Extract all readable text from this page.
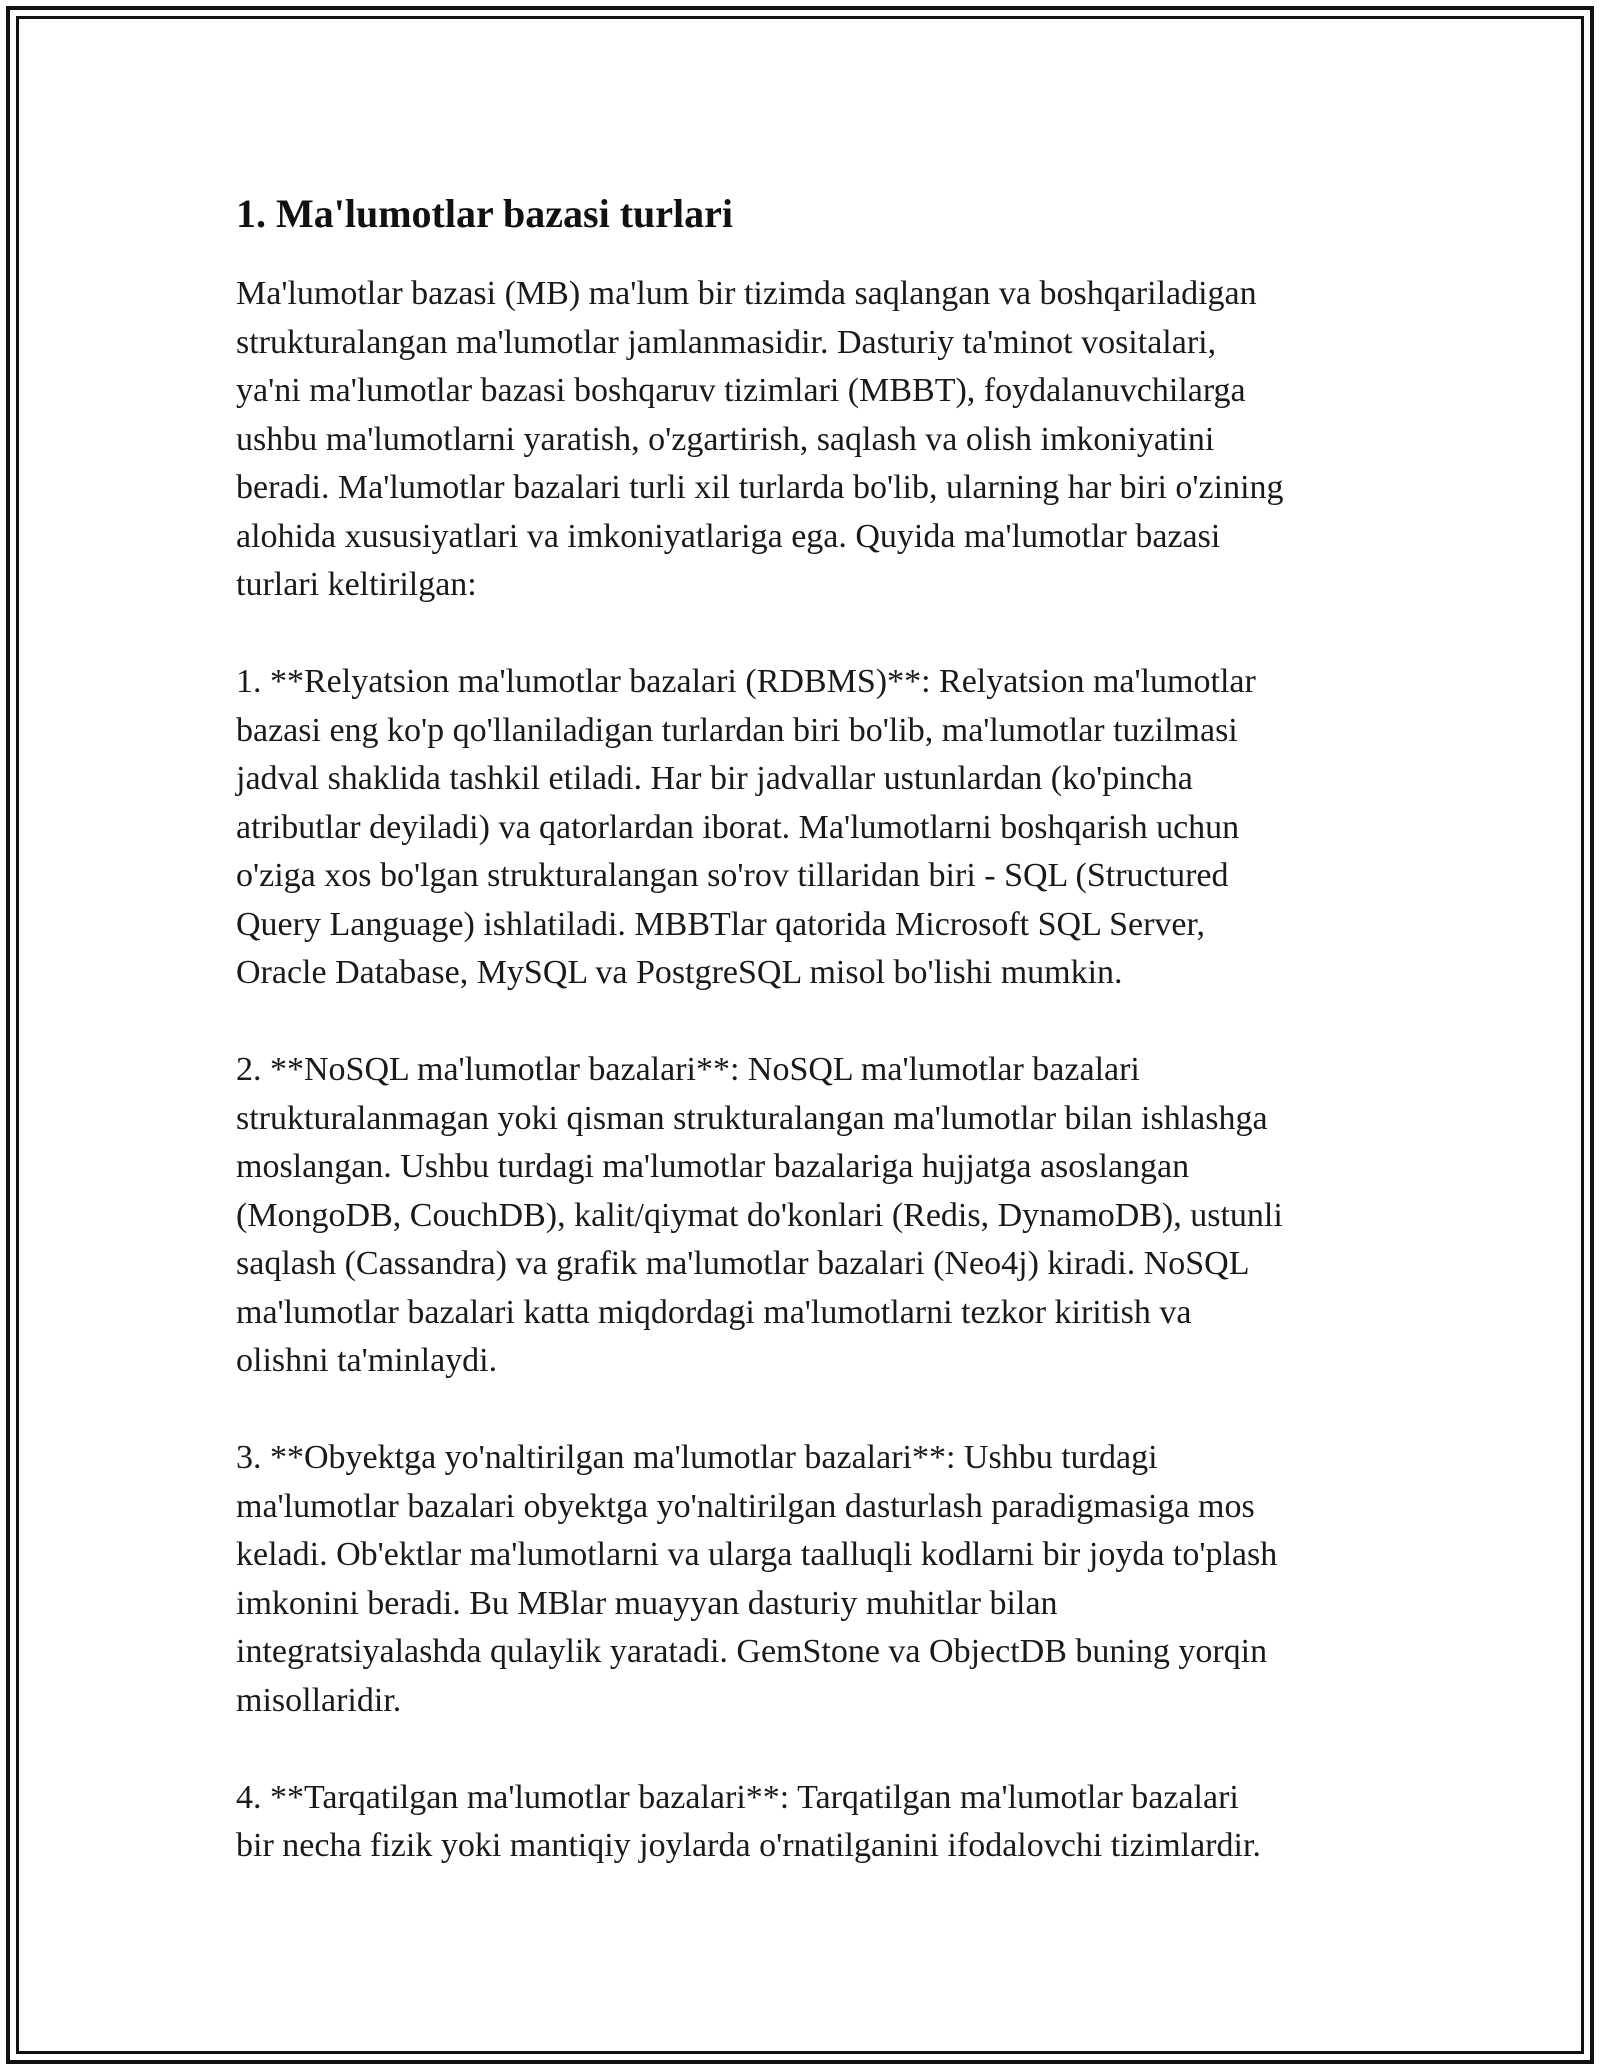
1. Ma'lumotlar bazasi turlari

Ma'lumotlar bazasi (MB) ma'lum bir tizimda saqlangan va boshqariladigan
strukturalangan ma'lumotlar jamlanmasidir. Dasturiy ta'minot vositalari,
ya'ni ma'lumotlar bazasi boshqaruv tizimlari (MBBT), foydalanuvchilarga
ushbu ma'lumotlarni yaratish, o'zgartirish, saqlash va olish imkoniyatini
beradi. Ma'lumotlar bazalari turli xil turlarda bo'lib, ularning har biri o'zining
alohida xususiyatlari va imkoniyatlariga ega. Quyida ma'lumotlar bazasi
turlari keltirilgan:

1. **Relyatsion ma'lumotlar bazalari (RDBMS)**: Relyatsion ma'lumotlar
bazasi eng ko'p qo'llaniladigan turlardan biri bo'lib, ma'lumotlar tuzilmasi
jadval shaklida tashkil etiladi. Har bir jadvallar ustunlardan (ko'pincha
atributlar deyiladi) va qatorlardan iborat. Ma'lumotlarni boshqarish uchun
o'ziga xos bo'lgan strukturalangan so'rov tillaridan biri - SQL (Structured
Query Language) ishlatiladi. MBBTlar qatorida Microsoft SQL Server,
Oracle Database, MySQL va PostgreSQL misol bo'lishi mumkin.

2. **NoSQL ma'lumotlar bazalari**: NoSQL ma'lumotlar bazalari
strukturalanmagan yoki qisman strukturalangan ma'lumotlar bilan ishlashga
moslangan. Ushbu turdagi ma'lumotlar bazalariga hujjatga asoslangan
(MongoDB, CouchDB), kalit/qiymat do'konlari (Redis, DynamoDB), ustunli
saqlash (Cassandra) va grafik ma'lumotlar bazalari (Neo4j) kiradi. NoSQL
ma'lumotlar bazalari katta miqdordagi ma'lumotlarni tezkor kiritish va
olishni ta'minlaydi.

3. **Obyektga yo'naltirilgan ma'lumotlar bazalari**: Ushbu turdagi
ma'lumotlar bazalari obyektga yo'naltirilgan dasturlash paradigmasiga mos
keladi. Ob'ektlar ma'lumotlarni va ularga taalluqli kodlarni bir joyda to'plash
imkonini beradi. Bu MBlar muayyan dasturiy muhitlar bilan
integratsiyalashda qulaylik yaratadi. GemStone va ObjectDB buning yorqin
misollaridir.

4. **Tarqatilgan ma'lumotlar bazalari**: Tarqatilgan ma'lumotlar bazalari
bir necha fizik yoki mantiqiy joylarda o'rnatilganini ifodalovchi tizimlardir.
